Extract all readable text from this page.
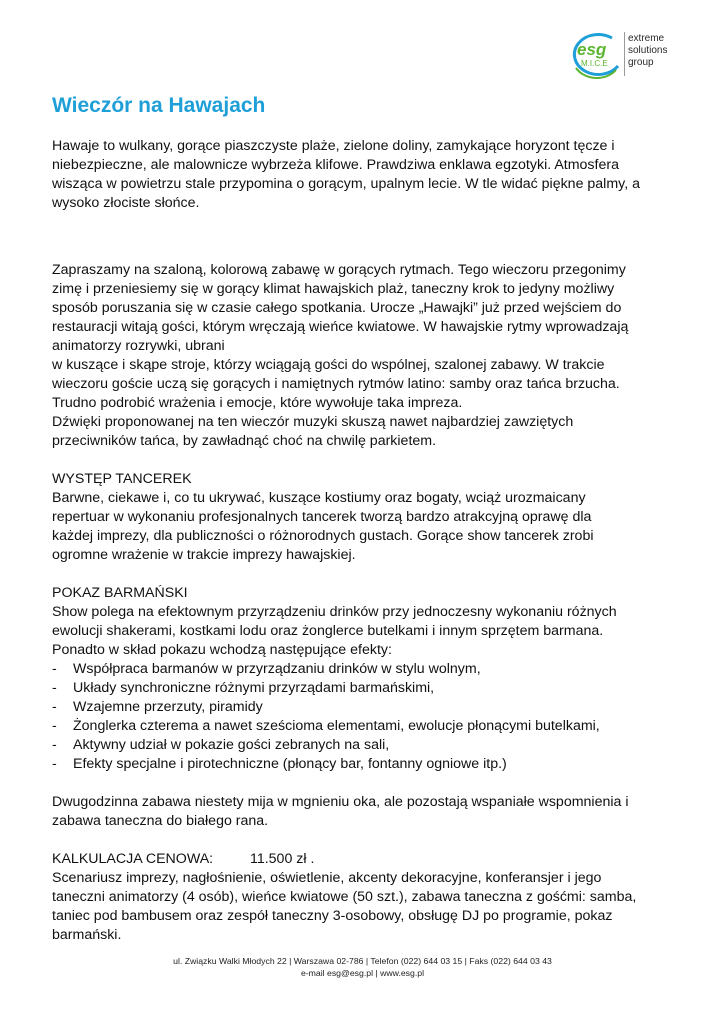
esg
M.I.C.E
extreme
solutions
group
Wieczór na Hawajach

Hawaje to wulkany, gorące piaszczyste plaże, zielone doliny, zamykające horyzont tęcze i

niebezpieczne, ale malownicze wybrzeża klifowe. Prawdziwa enklawa egzotyki. Atmosfera

wisząca w powietrzu stale przypomina o gorącym, upalnym lecie. W tle widać piękne palmy, a

wysoko złociste słońce.

Zapraszamy na szaloną, kolorową zabawę w gorących rytmach. Tego wieczoru przegonimy

zimę i przeniesiemy się w gorący klimat hawajskich plaż, taneczny krok to jedyny możliwy

sposób poruszania się w czasie całego spotkania. Urocze „Hawajki” już przed wejściem do

restauracji witają gości, którym wręczają wieńce kwiatowe. W hawajskie rytmy wprowadzają

animatorzy rozrywki, ubrani

w kuszące i skąpe stroje, którzy wciągają gości do wspólnej, szalonej zabawy. W trakcie

wieczoru goście uczą się gorących i namiętnych rytmów latino: samby oraz tańca brzucha.

Trudno podrobić wrażenia i emocje, które wywołuje taka impreza.

Dźwięki proponowanej na ten wieczór muzyki skuszą nawet najbardziej zawziętych

przeciwników tańca, by zawładnąć choć na chwilę parkietem.

WYSTĘP TANCEREK

Barwne, ciekawe i, co tu ukrywać, kuszące kostiumy oraz bogaty, wciąż urozmaicany

repertuar w wykonaniu profesjonalnych tancerek tworzą bardzo atrakcyjną oprawę dla

każdej imprezy, dla publiczności o różnorodnych gustach. Gorące show tancerek zrobi

ogromne wrażenie w trakcie imprezy hawajskiej.

POKAZ BARMAŃSKI

Show polega na efektownym przyrządzeniu drinków przy jednoczesny wykonaniu różnych

ewolucji shakerami, kostkami lodu oraz żonglerce butelkami i innym sprzętem barmana.

Ponadto w skład pokazu wchodzą następujące efekty:

-	Współpraca barmanów w przyrządzaniu drinków w stylu wolnym,
-	Układy synchroniczne różnymi przyrządami barmańskimi,
-	Wzajemne przerzuty, piramidy
-	Żonglerka czterema a nawet sześcioma elementami, ewolucje płonącymi butelkami,
-	Aktywny udział w pokazie gości zebranych na sali,
-	Efekty specjalne i pirotechniczne (płonący bar, fontanny ogniowe itp.)

Dwugodzinna zabawa niestety mija w mgnieniu oka, ale pozostają wspaniałe wspomnienia i

zabawa taneczna do białego rana.

KALKULACJA CENOWA:	11.500 zł .

Scenariusz imprezy, nagłośnienie, oświetlenie, akcenty dekoracyjne, konferansjer i jego

taneczni animatorzy (4 osób), wieńce kwiatowe (50 szt.), zabawa taneczna z gośćmi: samba,

taniec pod bambusem oraz zespół taneczny 3-osobowy, obsługę DJ po programie, pokaz

barmański.

ul. Związku Walki Młodych 22 | Warszawa 02-786 | Telefon (022) 644 03 15 | Faks (022) 644 03 43
e-mail esg@esg.pl | www.esg.pl
